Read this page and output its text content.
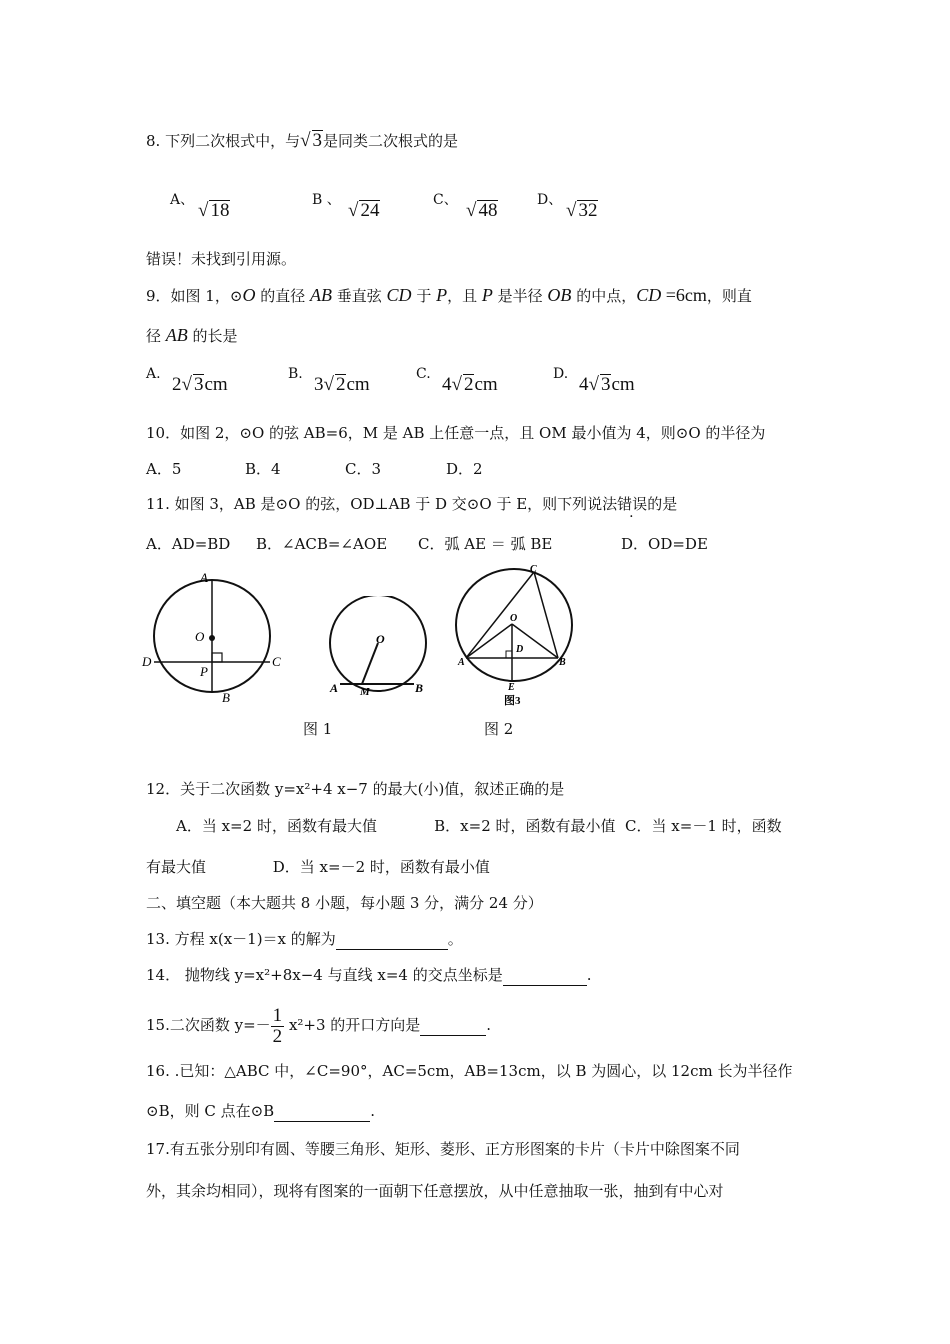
8. 下列二次根式中，与√ 3是同类二次根式的是
A、 √ 18	B 、 √ 24	C、 √ 48	D、 √ 32
错误！未找到引用源。
9．如图 1，⊙O 的直径 AB 垂直弦 CD 于 P，且 P 是半径 OB 的中点，CD =6cm，则直
径 AB 的长是
A. 2√ 3cm	B. 3√ 2cm	C. 4√ 2cm	D. 4√ 3cm
10．如图 2，⊙O 的弦 AB=6，M 是 AB 上任意一点，且 OM 最小值为 4，则⊙O 的半径为
A．5	B．4	C．3	D．2
11. 如图 3，AB 是⊙O 的弦，OD⊥AB 于 D 交⊙O 于 E，则下列说法错误的是
A．AD=BD B．∠ACB=∠AOE C．弧 AE ＝ 弧 BE	D．OD=DE
A
O
D
P
C
B
O
A M	B
C
O
D
A	B
E
图3
图 1	图 2
12．关于二次函数 y=x²+4 x−7 的最大(小)值，叙述正确的是
A．当 x=2 时，函数有最大值            B．x=2 时，函数有最小值  C．当 x=－1 时，函数
有最大值              D．当 x=－2 时，函数有最小值
二、填空题（本大题共 8 小题，每小题 3 分，满分 24 分）
13. 方程 x(x－1)＝x 的解为	。
14． 抛物线 y=x²+8x−4 与直线 x=4 的交点坐标是	.
15.二次函数 $y=- \frac{1}{2} x^2+3$ 的开口方向是	.
16. .已知：△ABC 中，∠C=90°，AC=5cm，AB=13cm，以 B 为圆心，以 12cm 长为半径作
⊙B，则 C 点在⊙B	.
17.有五张分别印有圆、等腰三角形、矩形、菱形、正方形图案的卡片（卡片中除图案不同
外，其余均相同），现将有图案的一面朝下任意摆放，从中任意抽取一张，抽到有中心对
